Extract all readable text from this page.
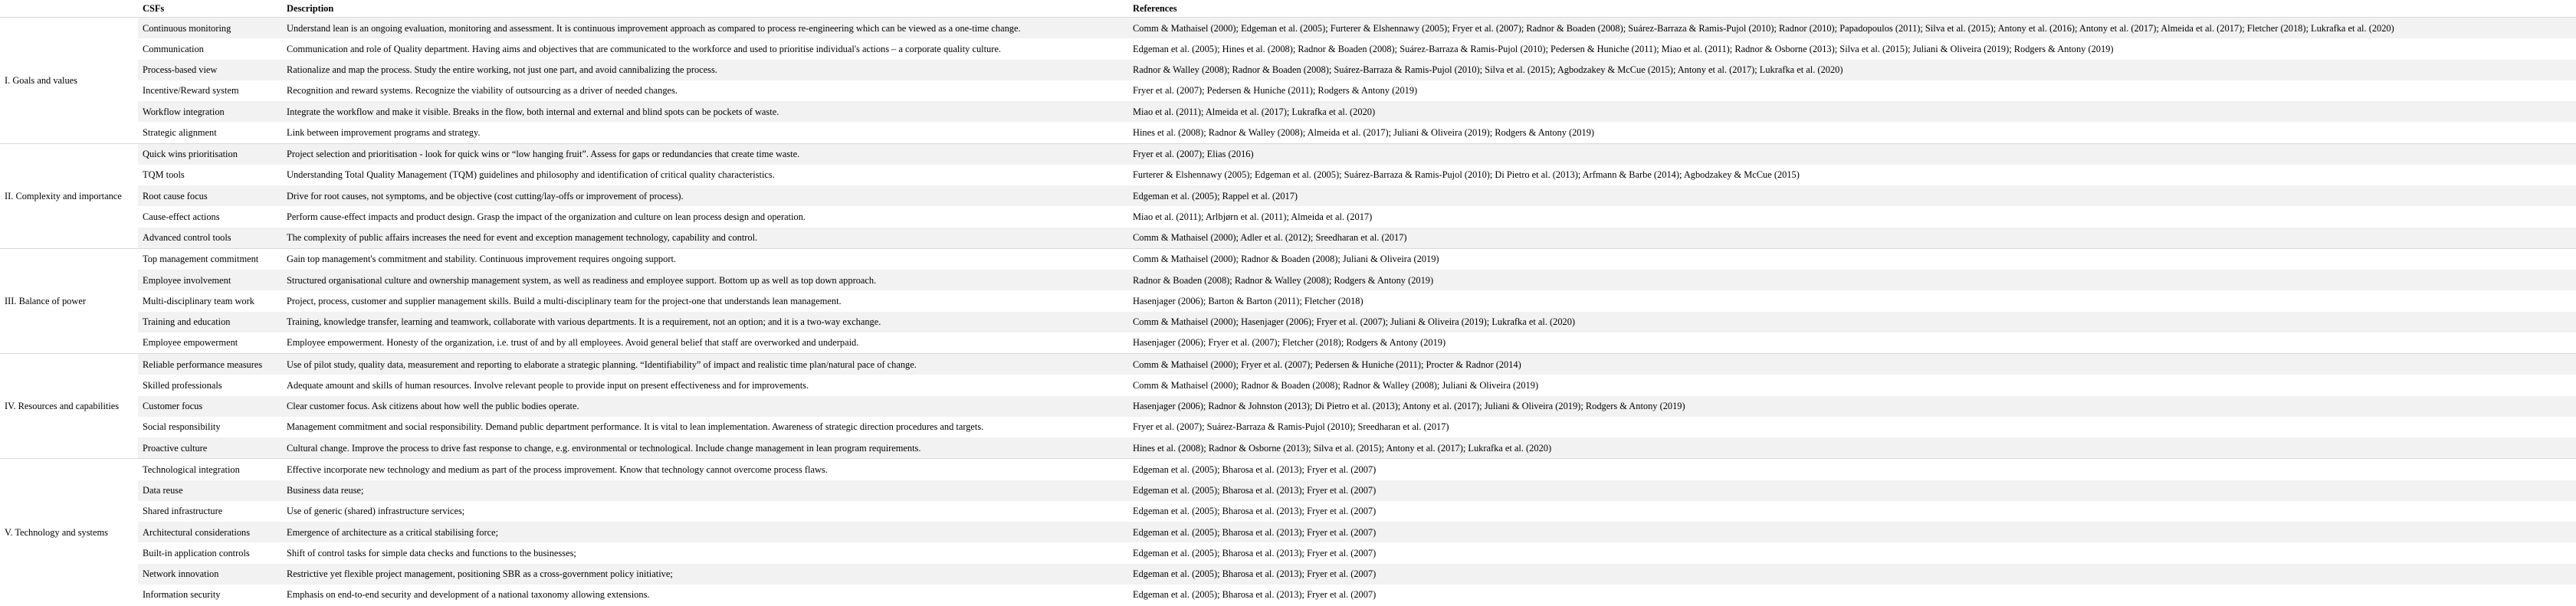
	CSFs	Description	References
I. Goals and values	Continuous monitoring	Understand lean is an ongoing evaluation, monitoring and assessment. It is continuous improvement approach as compared to process re-engineering which can be viewed as a one-time change.	Comm & Mathaisel (2000); Edgeman et al. (2005); Furterer & Elshennawy (2005); Fryer et al. (2007); Radnor & Boaden (2008); Suárez-Barraza & Ramis-Pujol (2010); Radnor (2010); Papadopoulos (2011); Silva et al. (2015); Antony et al. (2016); Antony et al. (2017); Almeida et al. (2017); Fletcher (2018); Lukrafka et al. (2020)
	Communication	Communication and role of Quality department. Having aims and objectives that are communicated to the workforce and used to prioritise individual's actions – a corporate quality culture.	Edgeman et al. (2005); Hines et al. (2008); Radnor & Boaden (2008); Suárez-Barraza & Ramis-Pujol (2010); Pedersen & Huniche (2011); Miao et al. (2011); Radnor & Osborne (2013); Silva et al. (2015); Juliani & Oliveira (2019); Rodgers & Antony (2019)
	Process-based view	Rationalize and map the process. Study the entire working, not just one part, and avoid cannibalizing the process.	Radnor & Walley (2008); Radnor & Boaden (2008); Suárez-Barraza & Ramis-Pujol (2010); Silva et al. (2015); Agbodzakey & McCue (2015); Antony et al. (2017); Lukrafka et al. (2020)
	Incentive/Reward system	Recognition and reward systems. Recognize the viability of outsourcing as a driver of needed changes.	Fryer et al. (2007); Pedersen & Huniche (2011); Rodgers & Antony (2019)
	Workflow integration	Integrate the workflow and make it visible. Breaks in the flow, both internal and external and blind spots can be pockets of waste.	Miao et al. (2011); Almeida et al. (2017); Lukrafka et al. (2020)
	Strategic alignment	Link between improvement programs and strategy.	Hines et al. (2008); Radnor & Walley (2008); Almeida et al. (2017); Juliani & Oliveira (2019); Rodgers & Antony (2019)
II. Complexity and importance	Quick wins prioritisation	Project selection and prioritisation - look for quick wins or “low hanging fruit”. Assess for gaps or redundancies that create time waste.	Fryer et al. (2007); Elias (2016)
	TQM tools	Understanding Total Quality Management (TQM) guidelines and philosophy and identification of critical quality characteristics.	Furterer & Elshennawy (2005); Edgeman et al. (2005); Suárez-Barraza & Ramis-Pujol (2010); Di Pietro et al. (2013); Arfmann & Barbe (2014); Agbodzakey & McCue (2015)
	Root cause focus	Drive for root causes, not symptoms, and be objective (cost cutting/lay-offs or improvement of process).	Edgeman et al. (2005); Rappel et al. (2017)
	Cause-effect actions	Perform cause-effect impacts and product design. Grasp the impact of the organization and culture on lean process design and operation.	Miao et al. (2011); Arlbjørn et al. (2011); Almeida et al. (2017)
	Advanced control tools	The complexity of public affairs increases the need for event and exception management technology, capability and control.	Comm & Mathaisel (2000); Adler et al. (2012); Sreedharan et al. (2017)
III. Balance of power	Top management commitment	Gain top management's commitment and stability. Continuous improvement requires ongoing support.	Comm & Mathaisel (2000); Radnor & Boaden (2008); Juliani & Oliveira (2019)
	Employee involvement	Structured organisational culture and ownership management system, as well as readiness and employee support. Bottom up as well as top down approach.	Radnor & Boaden (2008); Radnor & Walley (2008); Rodgers & Antony (2019)
	Multi-disciplinary team work	Project, process, customer and supplier management skills. Build a multi-disciplinary team for the project-one that understands lean management.	Hasenjager (2006); Barton & Barton (2011); Fletcher (2018)
	Training and education	Training, knowledge transfer, learning and teamwork, collaborate with various departments. It is a requirement, not an option; and it is a two-way exchange.	Comm & Mathaisel (2000); Hasenjager (2006); Fryer et al. (2007); Juliani & Oliveira (2019); Lukrafka et al. (2020)
	Employee empowerment	Employee empowerment. Honesty of the organization, i.e. trust of and by all employees. Avoid general belief that staff are overworked and underpaid.	Hasenjager (2006); Fryer et al. (2007); Fletcher (2018); Rodgers & Antony (2019)
IV. Resources and capabilities	Reliable performance measures	Use of pilot study, quality data, measurement and reporting to elaborate a strategic planning. “Identifiability” of impact and realistic time plan/natural pace of change.	Comm & Mathaisel (2000); Fryer et al. (2007); Pedersen & Huniche (2011); Procter & Radnor (2014)
	Skilled professionals	Adequate amount and skills of human resources. Involve relevant people to provide input on present effectiveness and for improvements.	Comm & Mathaisel (2000); Radnor & Boaden (2008); Radnor & Walley (2008); Juliani & Oliveira (2019)
	Customer focus	Clear customer focus. Ask citizens about how well the public bodies operate.	Hasenjager (2006); Radnor & Johnston (2013); Di Pietro et al. (2013); Antony et al. (2017); Juliani & Oliveira (2019); Rodgers & Antony (2019)
	Social responsibility	Management commitment and social responsibility. Demand public department performance. It is vital to lean implementation. Awareness of strategic direction procedures and targets.	Fryer et al. (2007); Suárez-Barraza & Ramis-Pujol (2010); Sreedharan et al. (2017)
	Proactive culture	Cultural change. Improve the process to drive fast response to change, e.g. environmental or technological. Include change management in lean program requirements.	Hines et al. (2008); Radnor & Osborne (2013); Silva et al. (2015); Antony et al. (2017); Lukrafka et al. (2020)
V. Technology and systems	Technological integration	Effective incorporate new technology and medium as part of the process improvement. Know that technology cannot overcome process flaws.	Edgeman et al. (2005); Bharosa et al. (2013); Fryer et al. (2007)
	Data reuse	Business data reuse;	Edgeman et al. (2005); Bharosa et al. (2013); Fryer et al. (2007)
	Shared infrastructure	Use of generic (shared) infrastructure services;	Edgeman et al. (2005); Bharosa et al. (2013); Fryer et al. (2007)
	Architectural considerations	Emergence of architecture as a critical stabilising force;	Edgeman et al. (2005); Bharosa et al. (2013); Fryer et al. (2007)
	Built-in application controls	Shift of control tasks for simple data checks and functions to the businesses;	Edgeman et al. (2005); Bharosa et al. (2013); Fryer et al. (2007)
	Network innovation	Restrictive yet flexible project management, positioning SBR as a cross-government policy initiative;	Edgeman et al. (2005); Bharosa et al. (2013); Fryer et al. (2007)
	Information security	Emphasis on end-to-end security and development of a national taxonomy allowing extensions.	Edgeman et al. (2005); Bharosa et al. (2013); Fryer et al. (2007)
